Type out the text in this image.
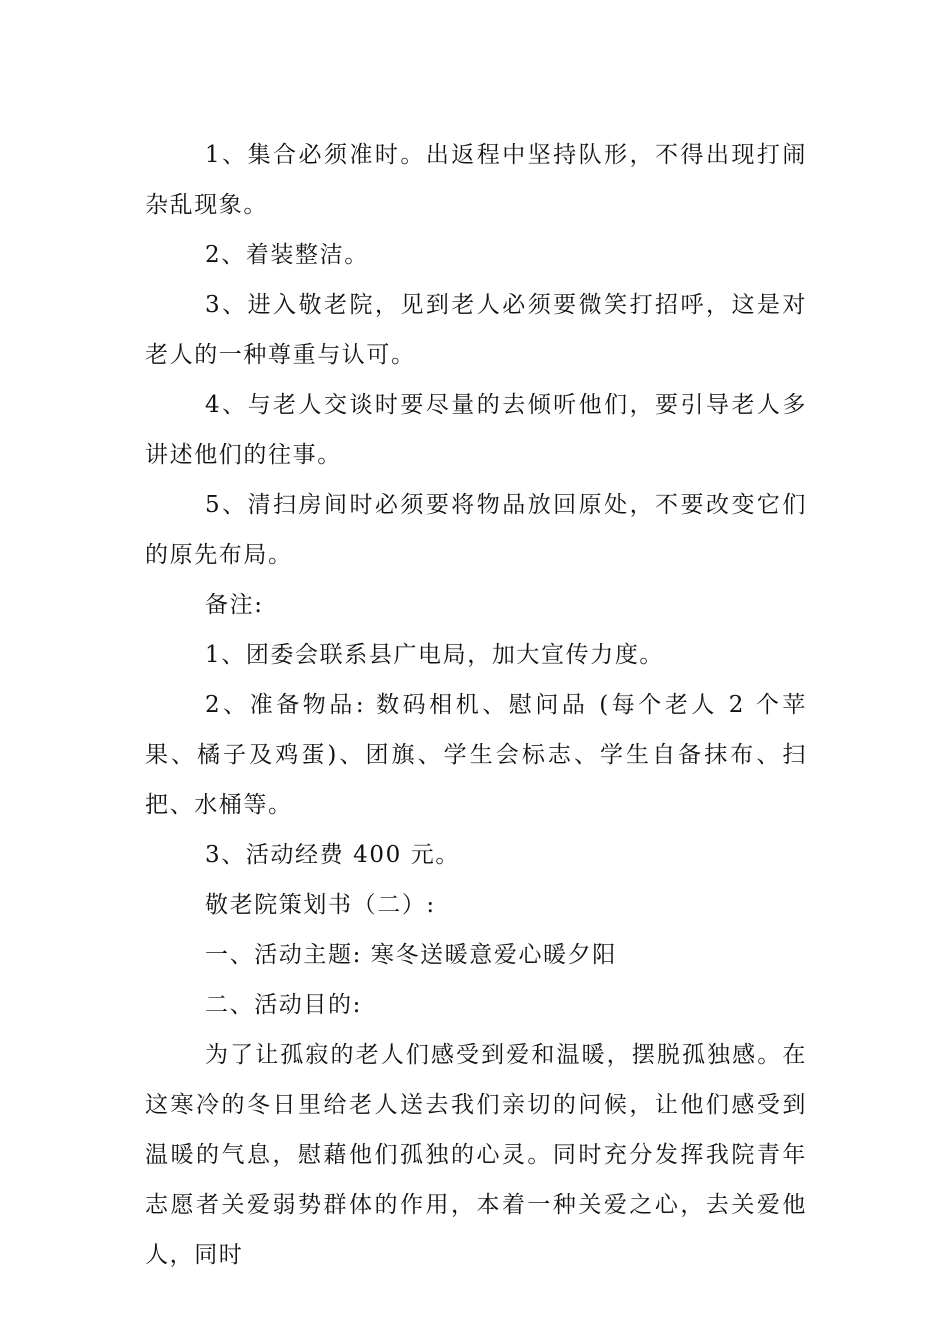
1、集合必须准时。出返程中坚持队形，不得出现打闹杂乱现象。

2、着装整洁。

3、进入敬老院，见到老人必须要微笑打招呼，这是对老人的一种尊重与认可。

4、与老人交谈时要尽量的去倾听他们，要引导老人多讲述他们的往事。

5、清扫房间时必须要将物品放回原处，不要改变它们的原先布局。

备注:

1、团委会联系县广电局，加大宣传力度。

2、准备物品: 数码相机、慰问品 (每个老人 2 个苹果、橘子及鸡蛋)、团旗、学生会标志、学生自备抹布、扫把、水桶等。

3、活动经费 400 元。

敬老院策划书（二）:

一、活动主题: 寒冬送暖意爱心暖夕阳

二、活动目的:

为了让孤寂的老人们感受到爱和温暖，摆脱孤独感。在这寒冷的冬日里给老人送去我们亲切的问候，让他们感受到温暖的气息，慰藉他们孤独的心灵。同时充分发挥我院青年志愿者关爱弱势群体的作用，本着一种关爱之心，去关爱他人，同时
